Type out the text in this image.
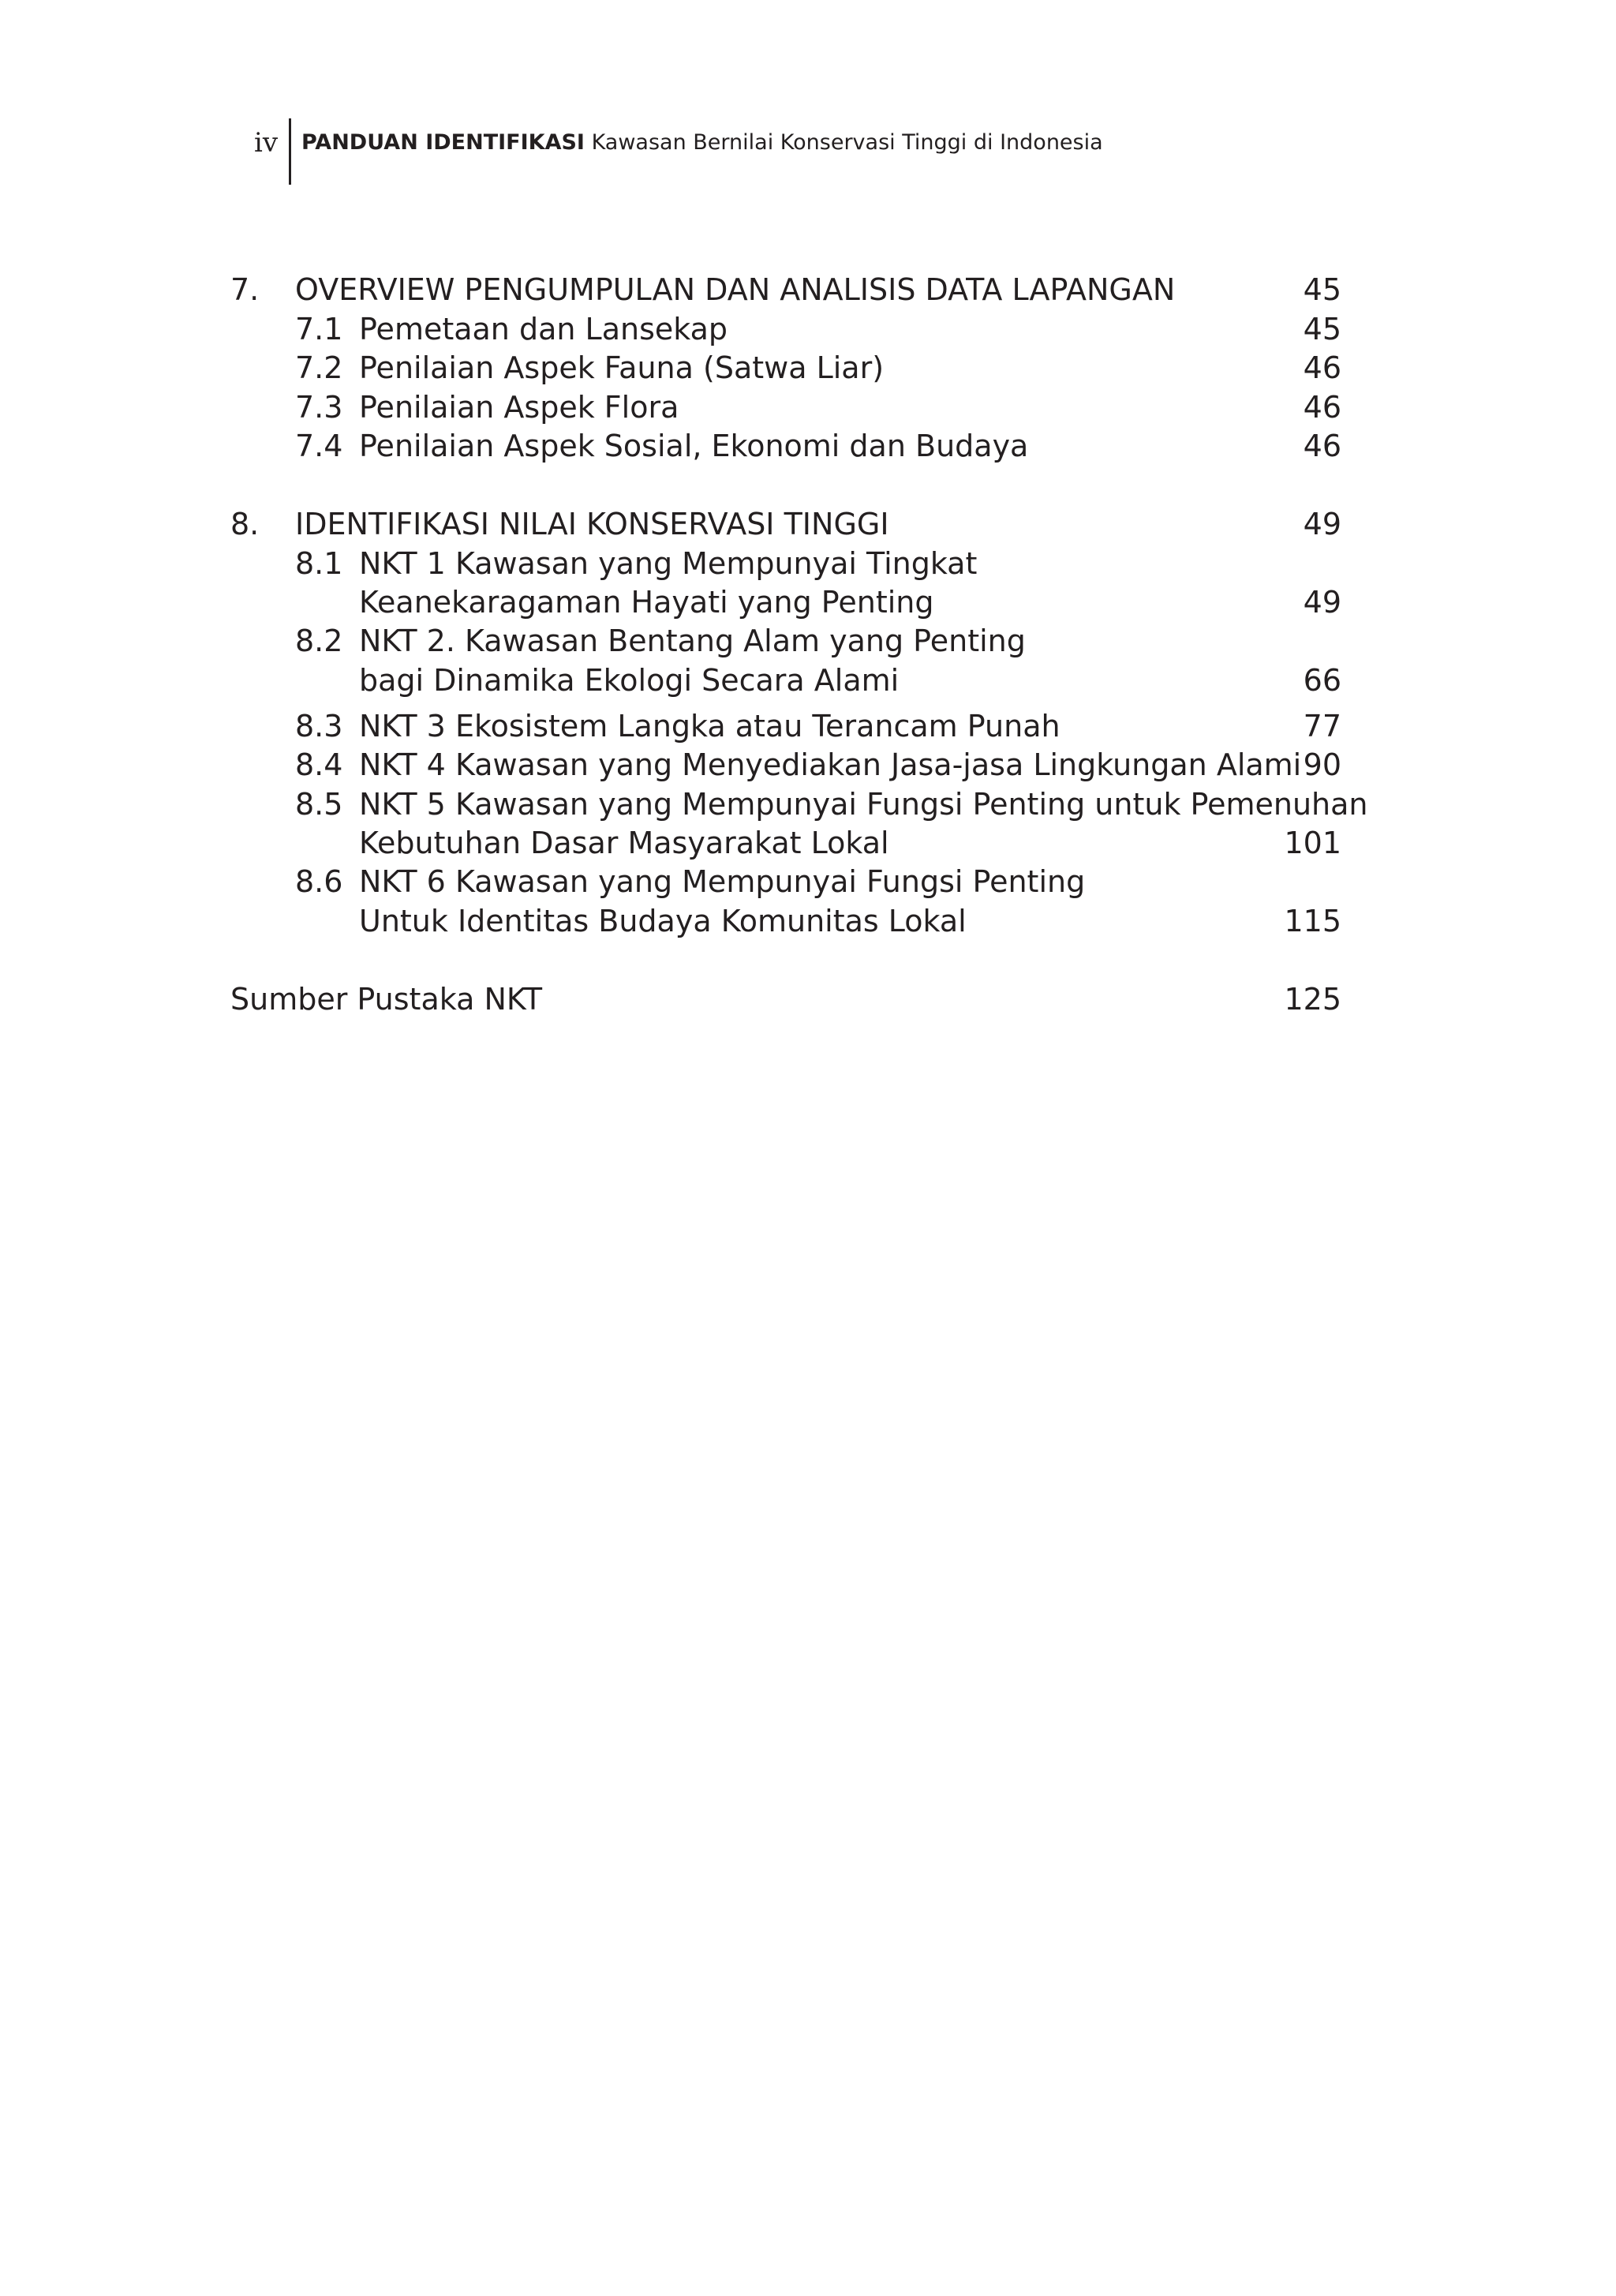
iv	PANDUAN IDENTIFIKASI Kawasan Bernilai Konservasi Tinggi di Indonesia
7. OVERVIEW PENGUMPULAN DAN ANALISIS DATA LAPANGAN	45
7.1 Pemetaan dan Lansekap	45
7.2 Penilaian Aspek Fauna (Satwa Liar)	46
7.3 Penilaian Aspek Flora	46
7.4 Penilaian Aspek Sosial, Ekonomi dan Budaya	46
8. IDENTIFIKASI NILAI KONSERVASI TINGGI	49
8.1 NKT 1 Kawasan yang Mempunyai Tingkat
Keanekaragaman Hayati yang Penting	49
8.2 NKT 2. Kawasan Bentang Alam yang Penting
bagi Dinamika Ekologi Secara Alami	66
8.3 NKT 3 Ekosistem Langka atau Terancam Punah	77
8.4 NKT 4 Kawasan yang Menyediakan Jasa-jasa Lingkungan Alami 90
8.5 NKT 5 Kawasan yang Mempunyai Fungsi Penting untuk Pemenuhan
Kebutuhan Dasar Masyarakat Lokal	101
8.6 NKT 6 Kawasan yang Mempunyai Fungsi Penting
Untuk Identitas Budaya Komunitas Lokal	115
Sumber Pustaka NKT	125
